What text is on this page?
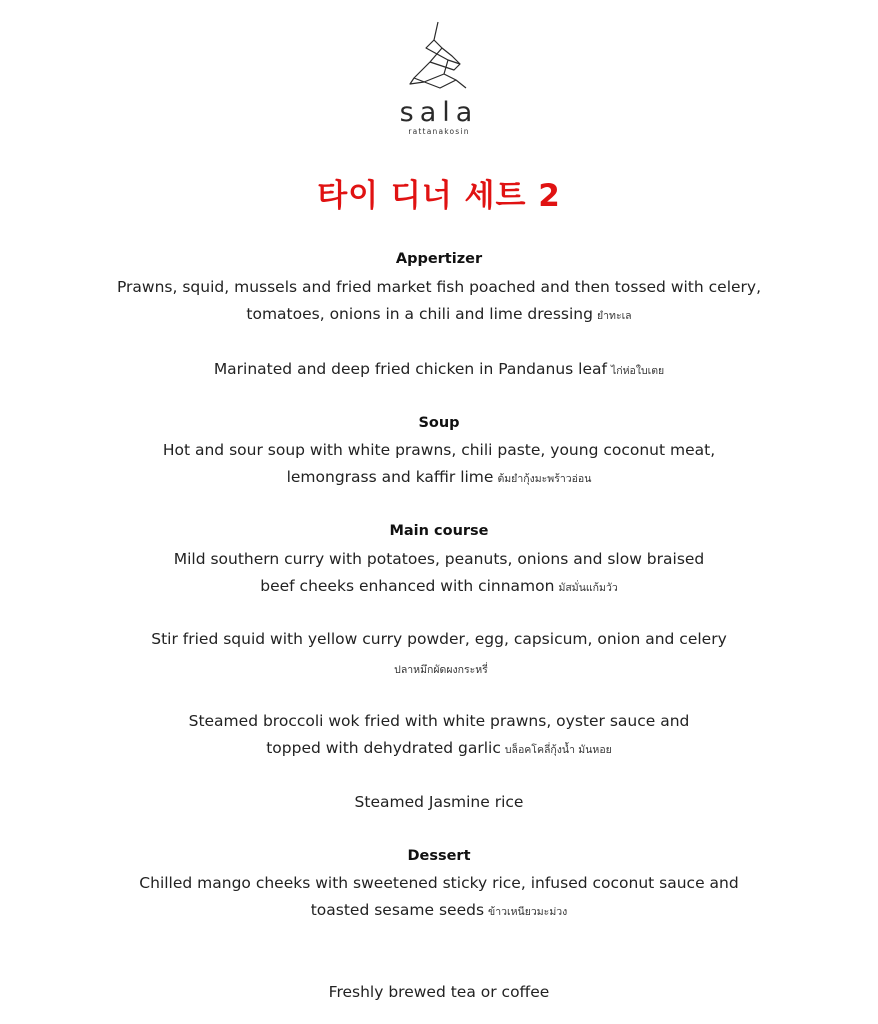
sala
rattanakosin
타이 디너 세트 2
Appertizer
Prawns, squid, mussels and fried market fish poached and then tossed with celery,
tomatoes, onions in a chili and lime dressing ยำทะเล
Marinated and deep fried chicken in Pandanus leaf ไก่ห่อใบเตย
Soup
Hot and sour soup with white prawns, chili paste, young coconut meat,
lemongrass and kaffir lime ต้มยำกุ้งมะพร้าวอ่อน
Main course
Mild southern curry with potatoes, peanuts, onions and slow braised
beef cheeks enhanced with cinnamon มัสมั่นแก้มวัว
Stir fried squid with yellow curry powder, egg, capsicum, onion and celery
ปลาหมึกผัดผงกระหรี่
Steamed broccoli wok fried with white prawns, oyster sauce and
topped with dehydrated garlic บล็อคโคลี่กุ้งน้ำ มันหอย
Steamed Jasmine rice
Dessert
Chilled mango cheeks with sweetened sticky rice, infused coconut sauce and
toasted sesame seeds ข้าวเหนียวมะม่วง
Freshly brewed tea or coffee
